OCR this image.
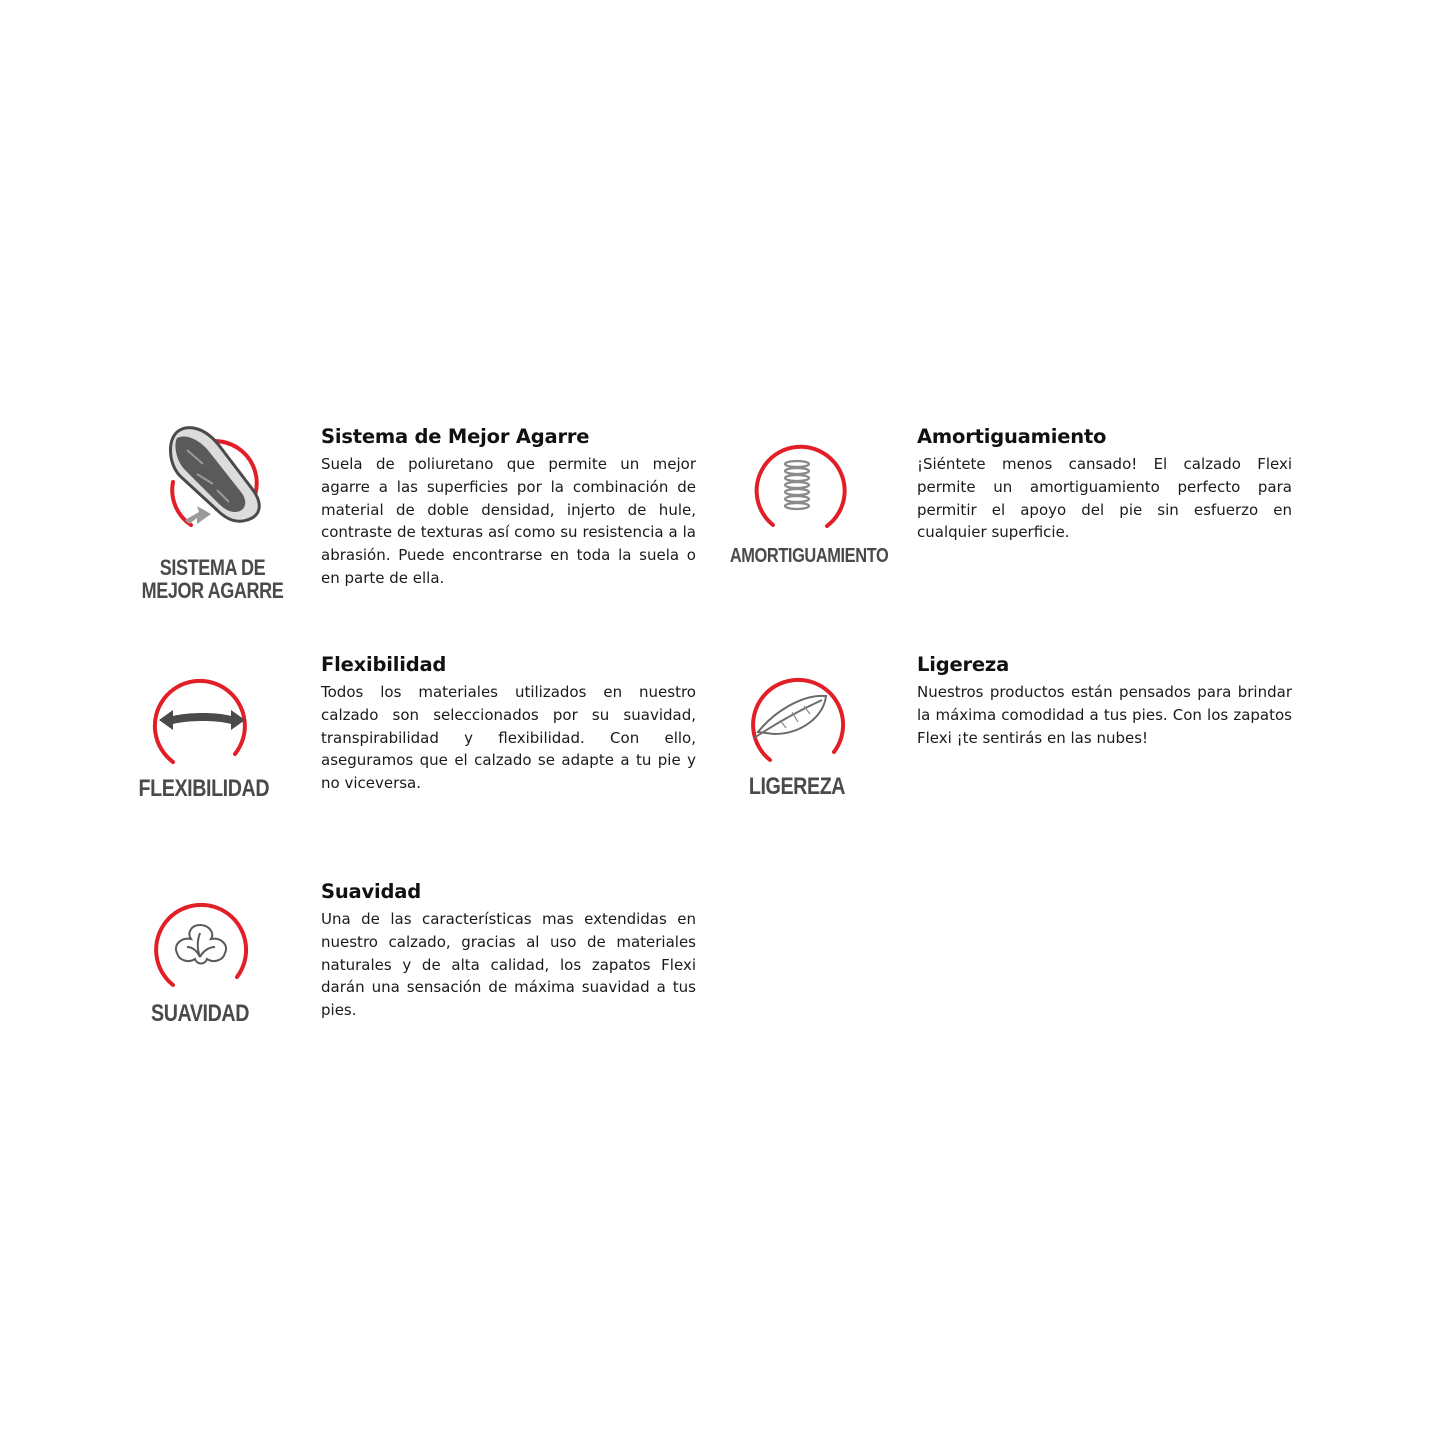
SISTEMA DE
MEJOR AGARRE
Sistema de Mejor Agarre

Suela de poliuretano que permite un mejor agarre a las superficies por la combinación de material de doble densidad, injerto de hule, contraste de texturas así como su resistencia a la abrasión. Puede encontrarse en toda la suela o en parte de ella.

AMORTIGUAMIENTO
Amortiguamiento

¡Siéntete menos cansado! El calzado Flexi permite un amortiguamiento perfecto para permitir el apoyo del pie sin esfuerzo en cualquier superficie.

FLEXIBILIDAD
Flexibilidad

Todos los materiales utilizados en nuestro calzado son seleccionados por su suavidad, transpirabilidad y flexibilidad. Con ello, aseguramos que el calzado se adapte a tu pie y no viceversa.	LIGEREZA
Ligereza

Nuestros productos están pensados para brindar la máxima comodidad a tus pies. Con los zapatos Flexi ¡te sentirás en las nubes!

SUAVIDAD
Suavidad

Una de las características mas extendidas en nuestro calzado, gracias al uso de materiales naturales y de alta calidad, los zapatos Flexi darán una sensación de máxima suavidad a tus pies.
